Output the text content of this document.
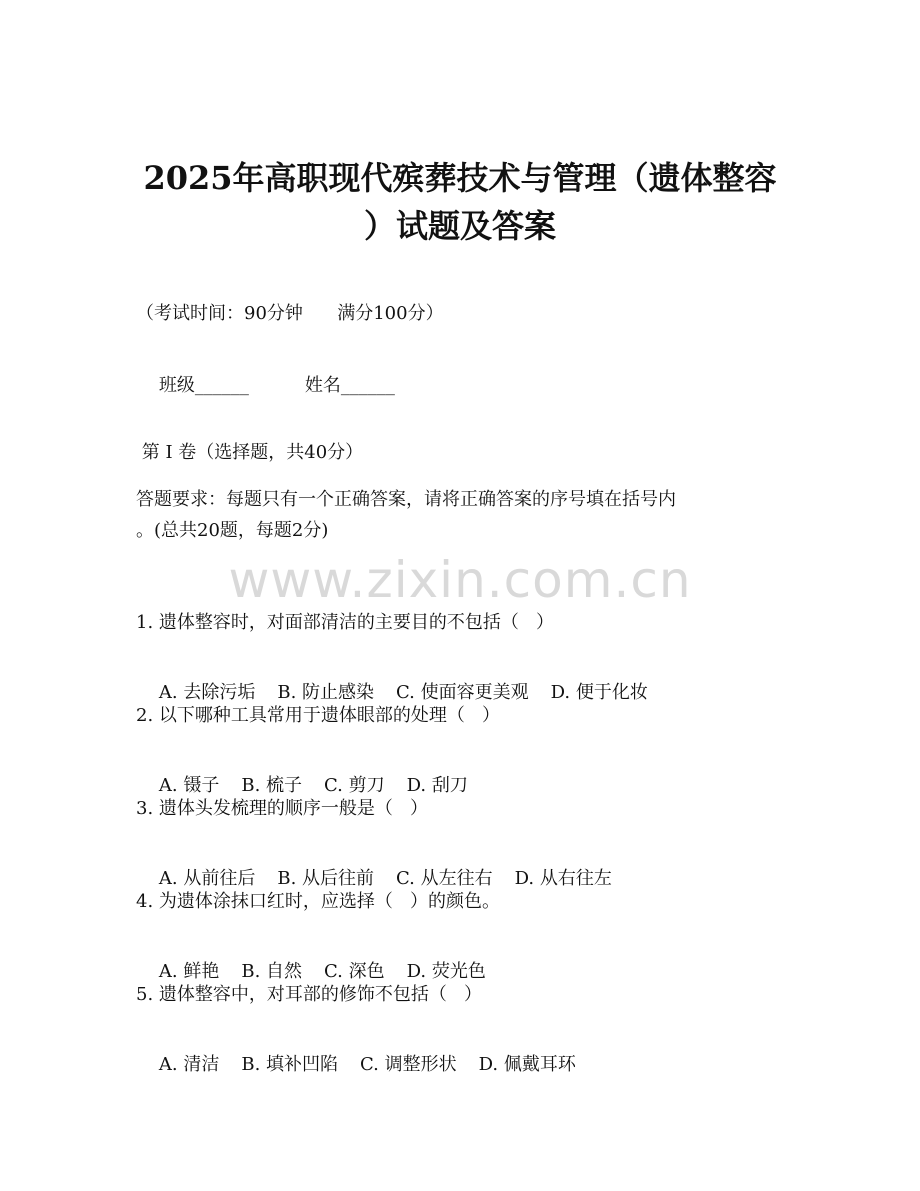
2025年高职现代殡葬技术与管理（遗体整容
）试题及答案
（考试时间：90分钟      满分100分）

班级______	姓名______

第 I 卷（选择题，共40分）
答题要求：每题只有一个正确答案，请将正确答案的序号填在括号内
。(总共20题，每题2分)
www.zixin.com.cn
1. 遗体整容时，对面部清洁的主要目的不包括（   ）

A. 去除污垢 B. 防止感染 C. 使面容更美观 D. 便于化妆

2. 以下哪种工具常用于遗体眼部的处理（   ）

A. 镊子 B. 梳子 C. 剪刀 D. 刮刀

3. 遗体头发梳理的顺序一般是（   ）

A. 从前往后 B. 从后往前 C. 从左往右 D. 从右往左

4. 为遗体涂抹口红时，应选择（   ）的颜色。

A. 鲜艳 B. 自然 C. 深色 D. 荧光色

5. 遗体整容中，对耳部的修饰不包括（   ）

A. 清洁 B. 填补凹陷 C. 调整形状 D. 佩戴耳环
